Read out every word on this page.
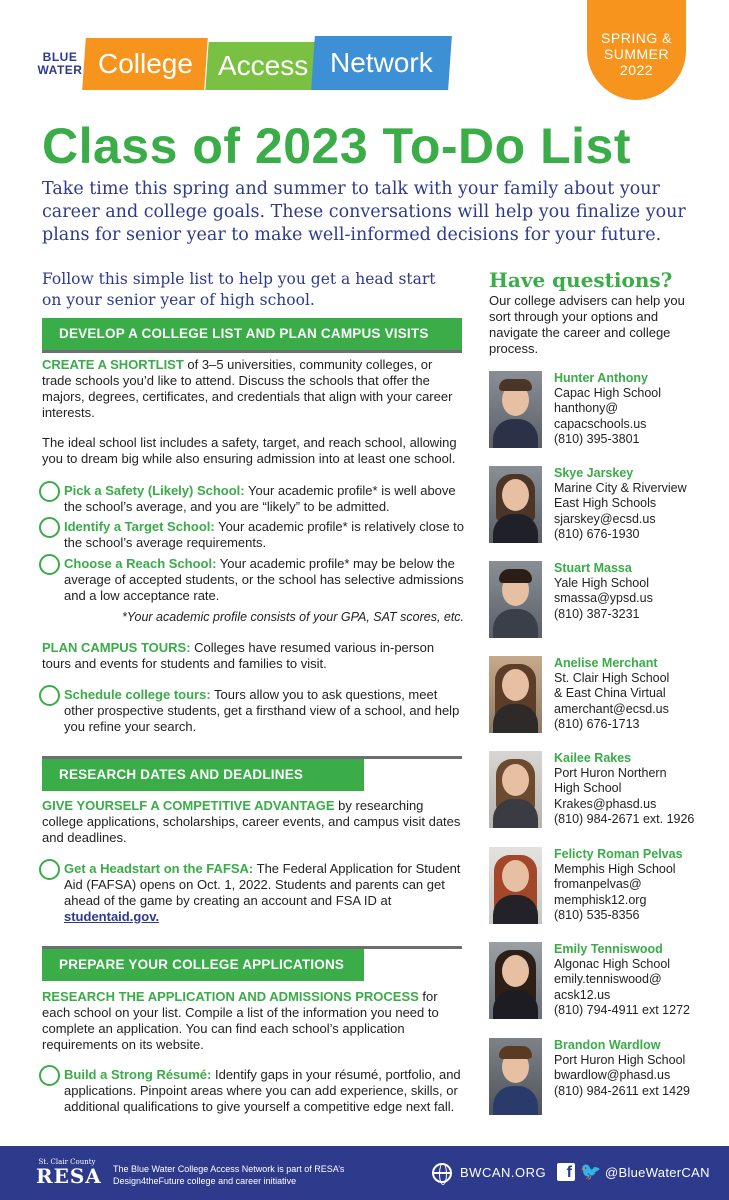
BLUE WATER College Access Network
SPRING &
SUMMER
2022
Class of 2023 To-Do List
Take time this spring and summer to talk with your family about your career and college goals. These conversations will help you finalize your plans for senior year to make well-informed decisions for your future.
Follow this simple list to help you get a head start on your senior year of high school.
DEVELOP A COLLEGE LIST AND PLAN CAMPUS VISITS
CREATE A SHORTLIST of 3–5 universities, community colleges, or trade schools you’d like to attend. Discuss the schools that offer the majors, degrees, certificates, and credentials that align with your career interests.
The ideal school list includes a safety, target, and reach school, allowing you to dream big while also ensuring admission into at least one school.
Pick a Safety (Likely) School: Your academic profile* is well above the school’s average, and you are “likely” to be admitted.
Identify a Target School: Your academic profile* is relatively close to the school’s average requirements.
Choose a Reach School: Your academic profile* may be below the average of accepted students, or the school has selective admissions and a low acceptance rate.
*Your academic profile consists of your GPA, SAT scores, etc.
PLAN CAMPUS TOURS: Colleges have resumed various in-person tours and events for students and families to visit.
Schedule college tours: Tours allow you to ask questions, meet other prospective students, get a firsthand view of a school, and help you refine your search.
RESEARCH DATES AND DEADLINES
GIVE YOURSELF A COMPETITIVE ADVANTAGE by researching college applications, scholarships, career events, and campus visit dates and deadlines.
Get a Headstart on the FAFSA: The Federal Application for Student Aid (FAFSA) opens on Oct. 1, 2022. Students and parents can get ahead of the game by creating an account and FSA ID at studentaid.gov.
PREPARE YOUR COLLEGE APPLICATIONS
RESEARCH THE APPLICATION AND ADMISSIONS PROCESS for each school on your list. Compile a list of the information you need to complete an application. You can find each school’s application requirements on its website.
Build a Strong Résumé: Identify gaps in your résumé, portfolio, and applications. Pinpoint areas where you can add experience, skills, or additional qualifications to give yourself a competitive edge next fall.
Have questions?
Our college advisers can help you sort through your options and navigate the career and college process.
Hunter Anthony
Capac High School
hanthony@
capacschools.us
(810) 395-3801
Skye Jarskey
Marine City & Riverview
East High Schools
sjarskey@ecsd.us
(810) 676-1930
Stuart Massa
Yale High School
smassa@ypsd.us
(810) 387-3231
Anelise Merchant
St. Clair High School
& East China Virtual
amerchant@ecsd.us
(810) 676-1713
Kailee Rakes
Port Huron Northern
High School
Krakes@phasd.us
(810) 984-2671 ext. 1926
Felicty Roman Pelvas
Memphis High School
fromanpelvas@
memphisk12.org
(810) 535-8356
Emily Tenniswood
Algonac High School
emily.tenniswood@
acsk12.us
(810) 794-4911 ext 1272
Brandon Wardlow
Port Huron High School
bwardlow@phasd.us
(810) 984-2611 ext 1429
St. Clair County
RESA The Blue Water College Access Network is part of RESA’s Design4theFuture college and career initiative
BWCAN.ORG	f 🐦 @BlueWaterCAN
